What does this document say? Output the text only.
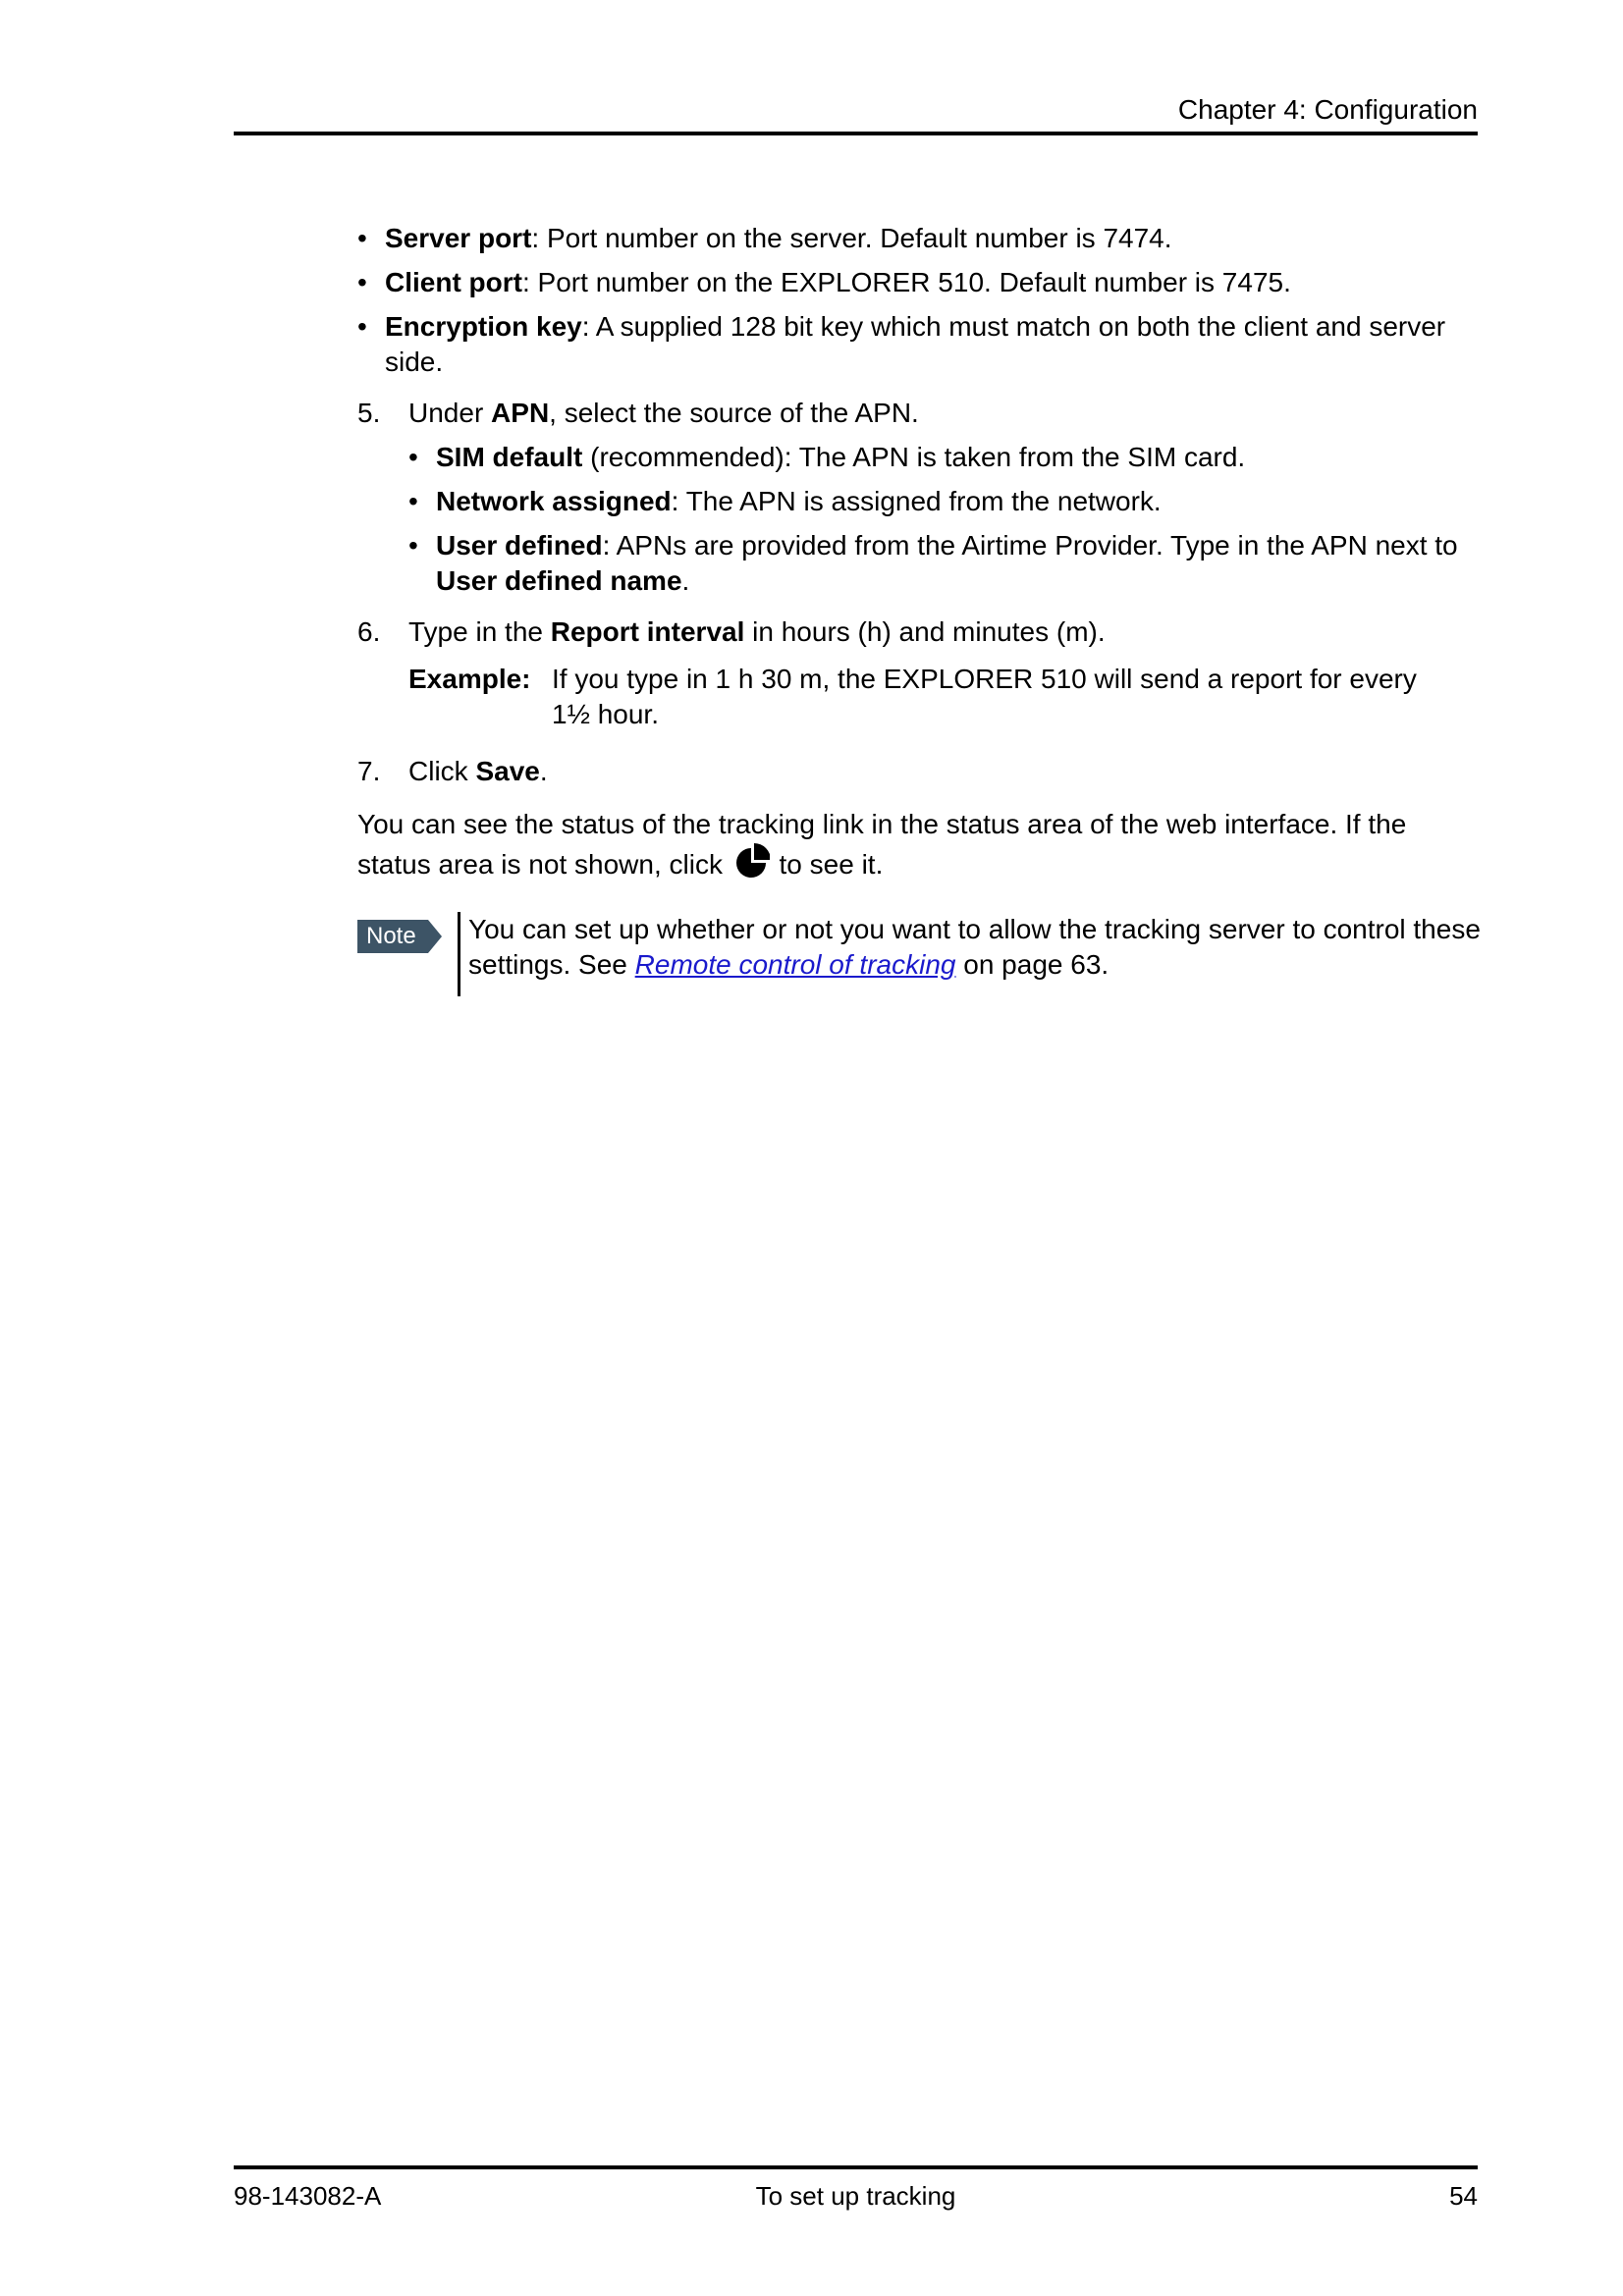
Chapter 4: Configuration
• Server port: Port number on the server. Default number is 7474.
• Client port: Port number on the EXPLORER 510. Default number is 7475.
• Encryption key: A supplied 128 bit key which must match on both the client and server side.
5. Under APN, select the source of the APN.
• SIM default (recommended): The APN is taken from the SIM card.
• Network assigned: The APN is assigned from the network.
• User defined: APNs are provided from the Airtime Provider. Type in the APN next to User defined name.
6. Type in the Report interval in hours (h) and minutes (m).
Example: If you type in 1 h 30 m, the EXPLORER 510 will send a report for every 1½ hour.
7. Click Save.
You can see the status of the tracking link in the status area of the web interface. If the status area is not shown, click  to see it.
Note You can set up whether or not you want to allow the tracking server to control these settings. See Remote control of tracking on page 63.
98-143082-A	To set up tracking	54
